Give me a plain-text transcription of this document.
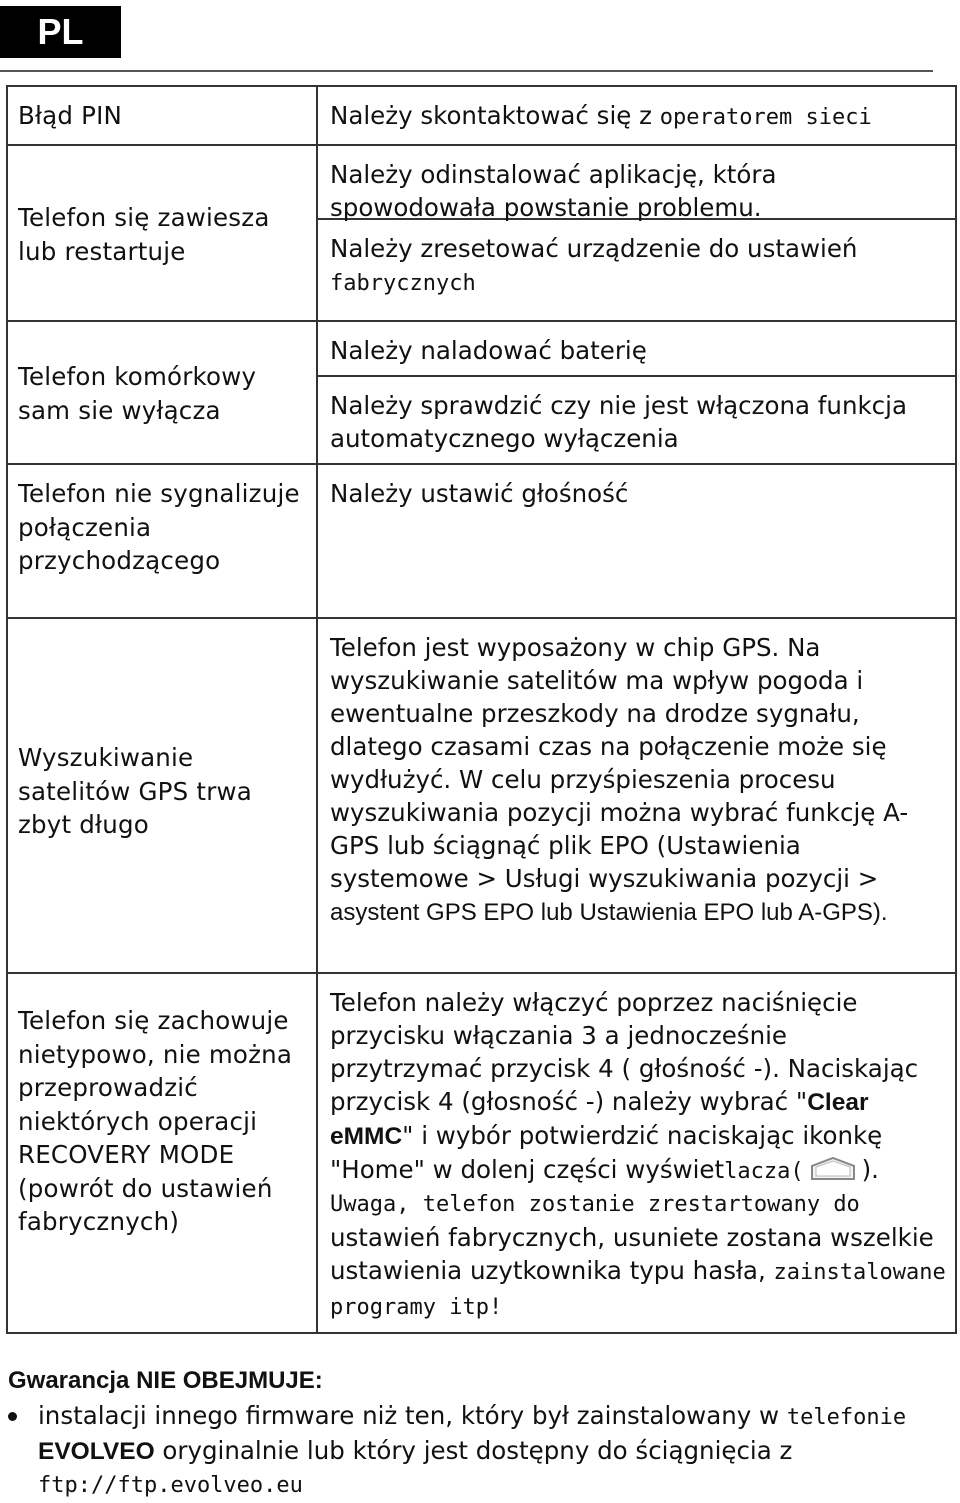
PL
Błąd PIN	Należy skontaktować się z operatorem sieci
Telefon się zawiesza lub restartuje
Należy odinstalować aplikację, która spowodowała powstanie problemu.
Należy zresetować urządzenie do ustawień fabrycznych
Telefon komórkowy sam sie wyłącza
Należy naladować baterię
Należy sprawdzić czy nie jest włączona funkcja automatycznego wyłączenia
Telefon nie sygnalizuje połączenia przychodzącego
Należy ustawić głośność
Wyszukiwanie satelitów GPS trwa zbyt długo
Telefon jest wyposażony w chip GPS. Na wyszukiwanie satelitów ma wpływ pogoda i ewentualne przeszkody na drodze sygnału, dlatego czasami czas na połączenie może się wydłużyć. W celu przyśpieszenia procesu wyszukiwania pozycji można wybrać funkcję A-GPS lub ściągnąć plik EPO (Ustawienia systemowe > Usługi wyszukiwania pozycji > asystent GPS EPO lub Ustawienia EPO lub A-GPS).
Telefon się zachowuje nietypowo, nie można przeprowadzić niektórych operacji RECOVERY MODE (powrót do ustawień fabrycznych)
Telefon należy włączyć poprzez naciśnięcie przycisku włączania 3 a jednocześnie przytrzymać przycisk 4 ( głośność -). Naciskając przycisk 4 (głosność -) należy wybrać "Clear eMMC" i wybór potwierdzić naciskając ikonkę "Home" w dolenj części wyświetlacza( ).
Uwaga, telefon zostanie zrestartowany do
ustawień fabrycznych, usuniete zostana wszelkie ustawienia uzytkownika typu hasła, zainstalowane programy itp!
Gwarancja NIE OBEJMUJE:
instalacji innego firmware niż ten, który był zainstalowany w telefonie EVOLVEO oryginalnie lub który jest dostępny do ściągnięcia z ftp://ftp.evolveo.eu
